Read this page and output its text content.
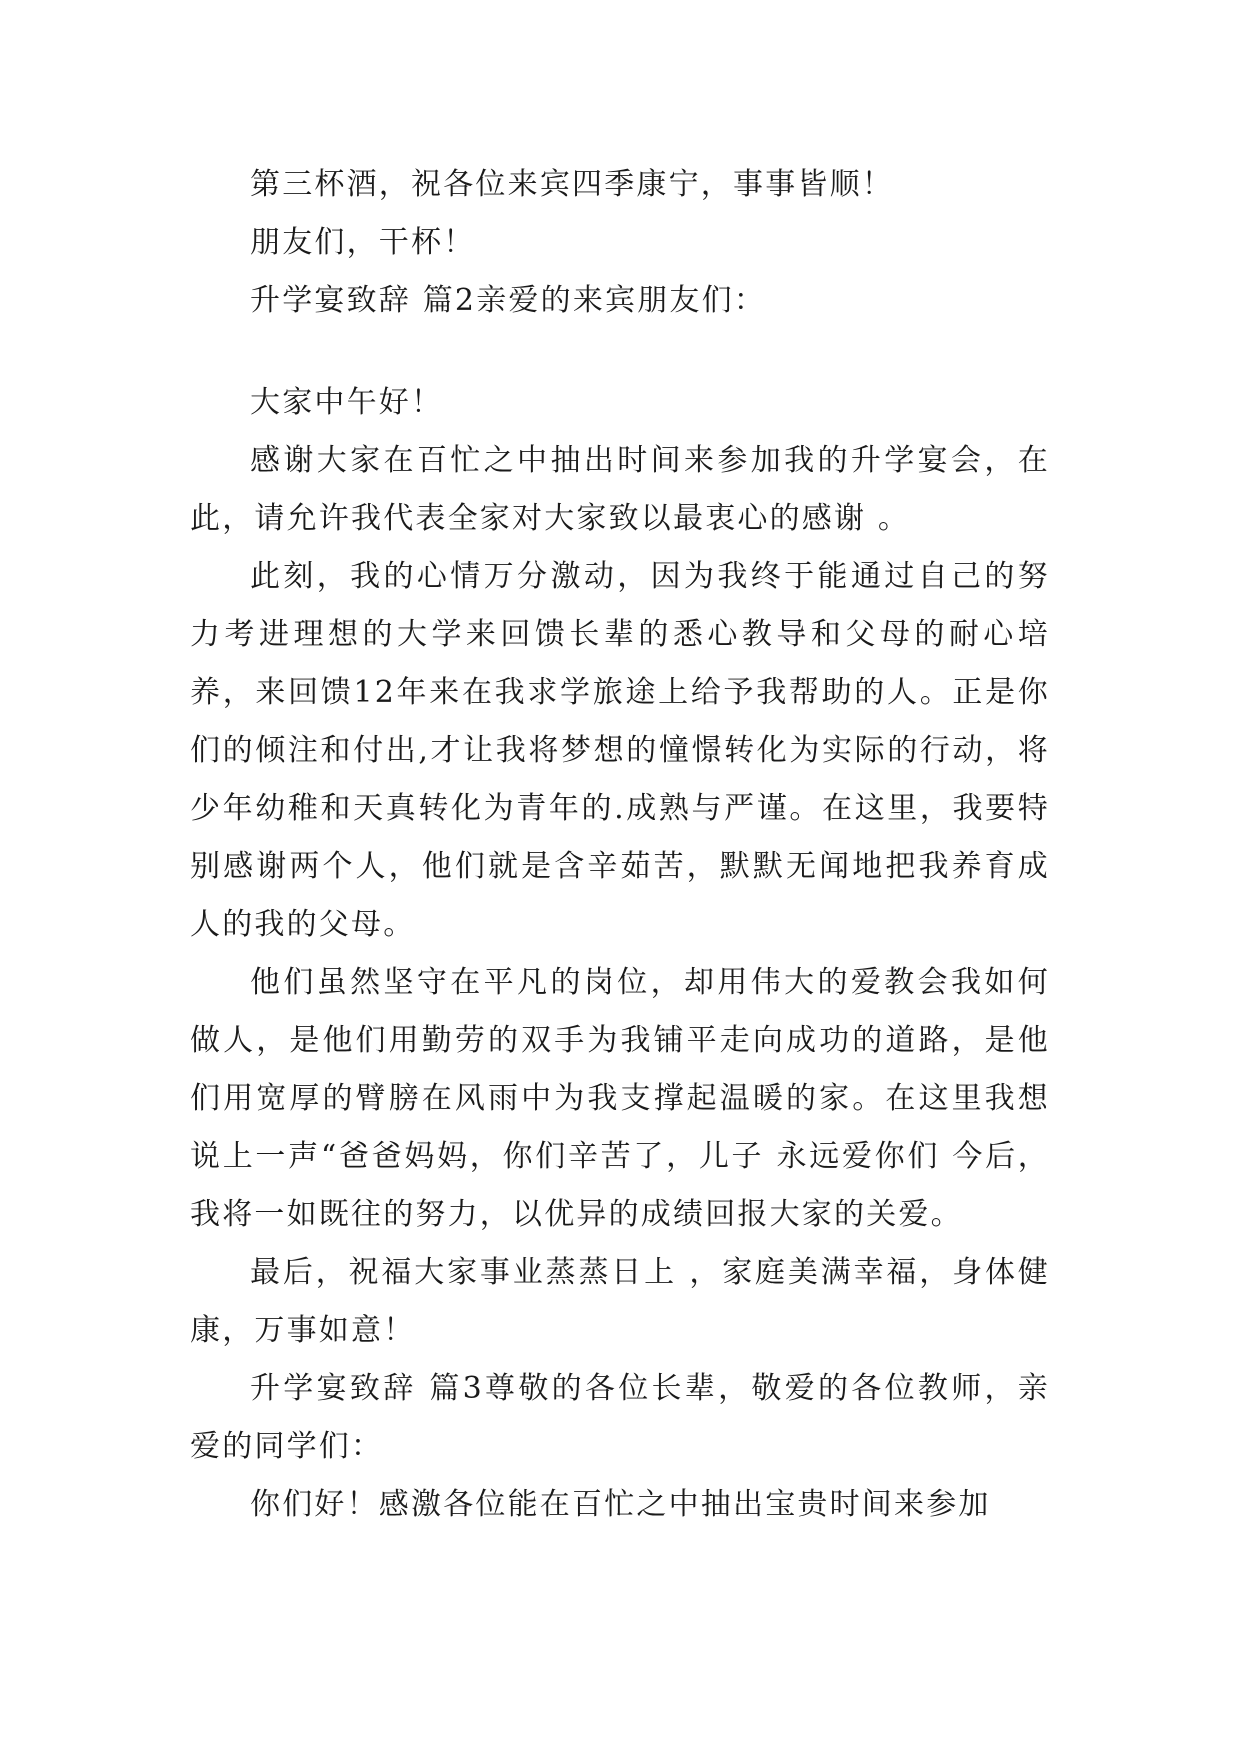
第三杯酒，祝各位来宾四季康宁，事事皆顺！

朋友们，干杯！

升学宴致辞 篇2亲爱的来宾朋友们：

大家中午好！

感谢大家在百忙之中抽出时间来参加我的升学宴会，在此，请允许我代表全家对大家致以最衷心的感谢 。

此刻，我的心情万分激动，因为我终于能通过自己的努力考进理想的大学来回馈长辈的悉心教导和父母的耐心培养，来回馈12年来在我求学旅途上给予我帮助的人。正是你们的倾注和付出,才让我将梦想的憧憬转化为实际的行动，将少年幼稚和天真转化为青年的.成熟与严谨。在这里，我要特别感谢两个人，他们就是含辛茹苦，默默无闻地把我养育成人的我的父母。

他们虽然坚守在平凡的岗位，却用伟大的爱教会我如何做人，是他们用勤劳的双手为我铺平走向成功的道路，是他们用宽厚的臂膀在风雨中为我支撑起温暖的家。在这里我想说上一声“爸爸妈妈，你们辛苦了，儿子 永远爱你们 今后，我将一如既往的努力，以优异的成绩回报大家的关爱。

最后，祝福大家事业蒸蒸日上 ，家庭美满幸福，身体健康，万事如意！

升学宴致辞 篇3尊敬的各位长辈，敬爱的各位教师，亲爱的同学们：

你们好！感激各位能在百忙之中抽出宝贵时间来参加
